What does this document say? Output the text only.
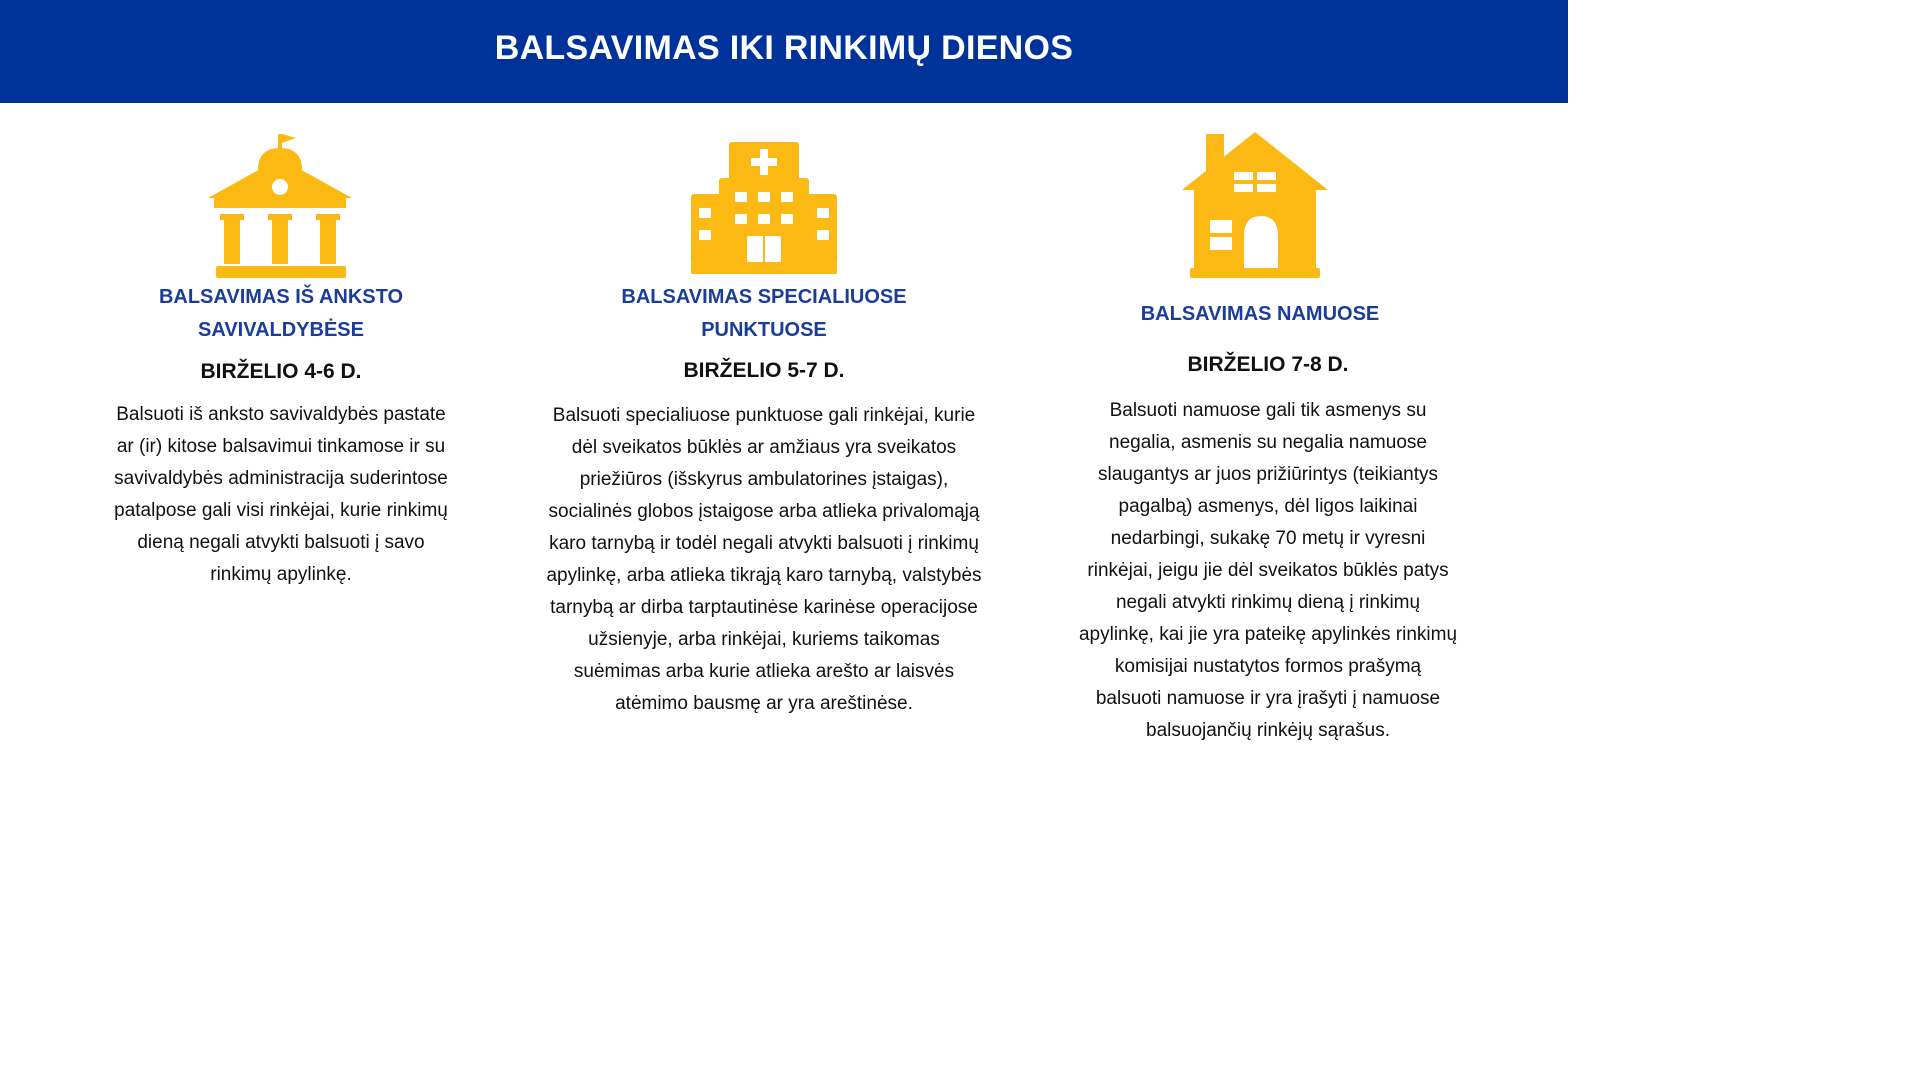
BALSAVIMAS IKI RINKIMŲ DIENOS
BALSAVIMAS IŠ ANKSTO
SAVIVALDYBĖSE
BIRŽELIO 4-6 D.
Balsuoti iš anksto savivaldybės pastate
ar (ir) kitose balsavimui tinkamose ir su
savivaldybės administracija suderintose
patalpose gali visi rinkėjai, kurie rinkimų
dieną negali atvykti balsuoti į savo
rinkimų apylinkę.
BALSAVIMAS SPECIALIUOSE
PUNKTUOSE
BIRŽELIO 5-7 D.
Balsuoti specialiuose punktuose gali rinkėjai, kurie
dėl sveikatos būklės ar amžiaus yra sveikatos
priežiūros (išskyrus ambulatorines įstaigas),
socialinės globos įstaigose arba atlieka privalomąją
karo tarnybą ir todėl negali atvykti balsuoti į rinkimų
apylinkę, arba atlieka tikrąją karo tarnybą, valstybės
tarnybą ar dirba tarptautinėse karinėse operacijose
užsienyje, arba rinkėjai, kuriems taikomas
suėmimas arba kurie atlieka arešto ar laisvės
atėmimo bausmę ar yra areštinėse.
BALSAVIMAS NAMUOSE
BIRŽELIO 7-8 D.
Balsuoti namuose gali tik asmenys su
negalia, asmenis su negalia namuose
slaugantys ar juos prižiūrintys (teikiantys
pagalbą) asmenys, dėl ligos laikinai
nedarbingi, sukakę 70 metų ir vyresni
rinkėjai, jeigu jie dėl sveikatos būklės patys
negali atvykti rinkimų dieną į rinkimų
apylinkę, kai jie yra pateikę apylinkės rinkimų
komisijai nustatytos formos prašymą
balsuoti namuose ir yra įrašyti į namuose
balsuojančių rinkėjų sąrašus.
